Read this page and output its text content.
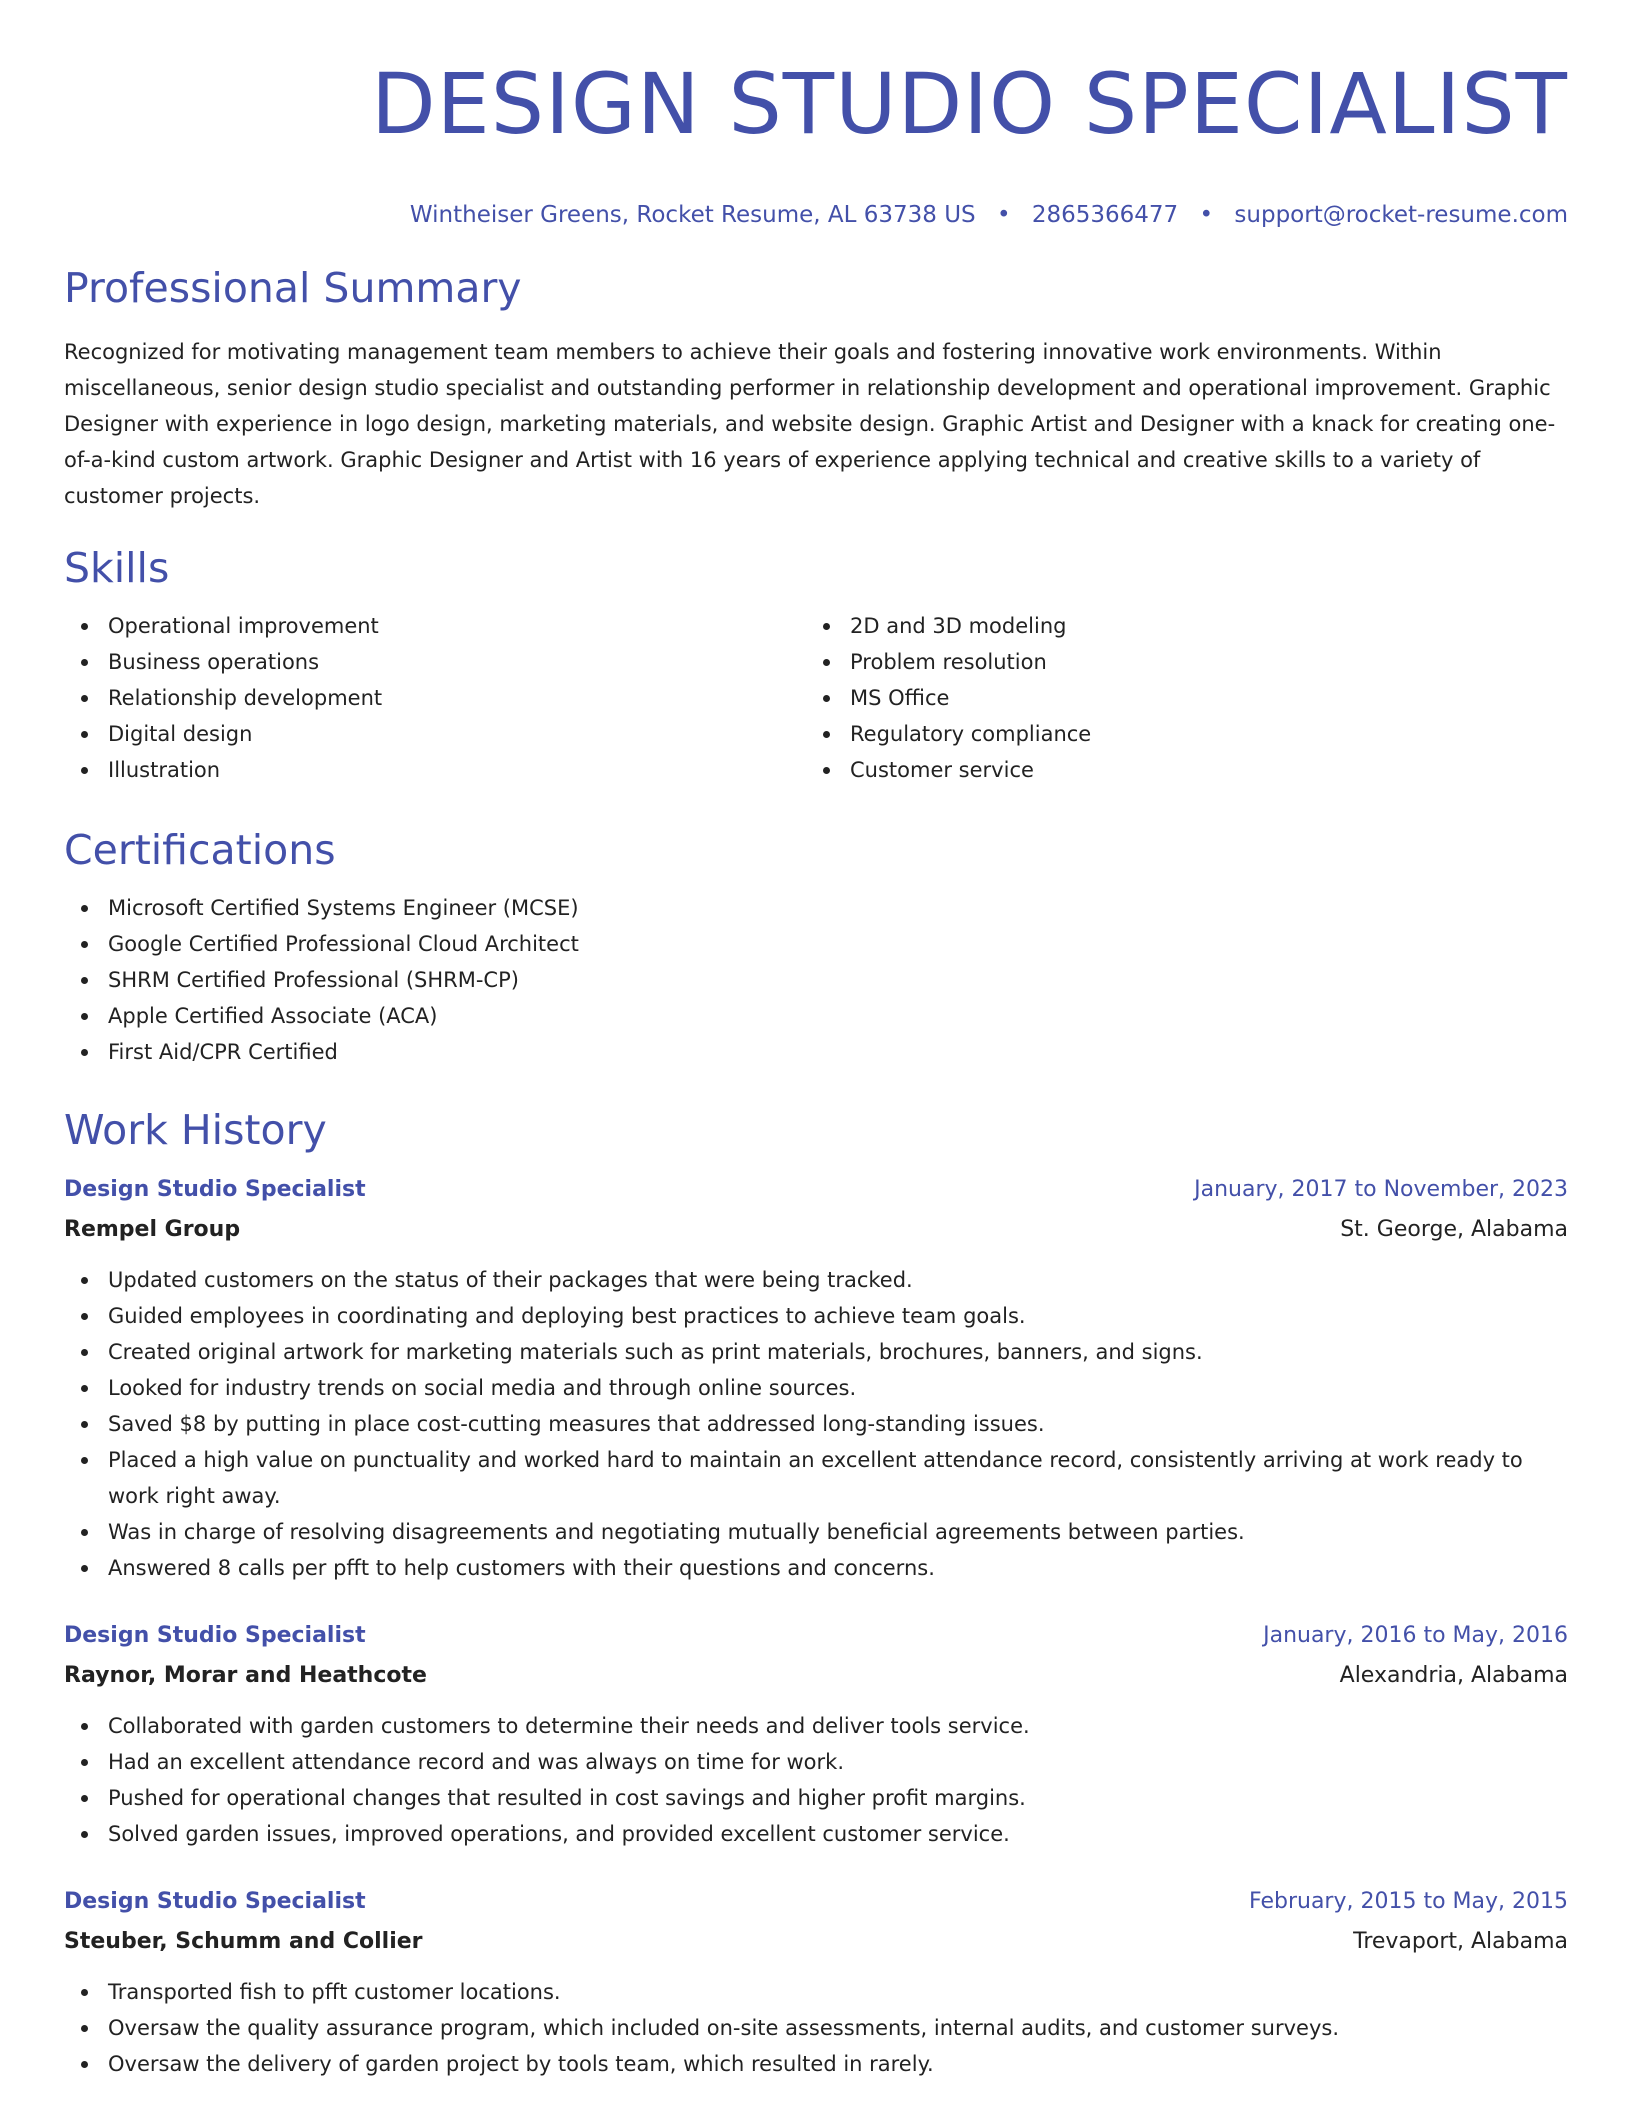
DESIGN STUDIO SPECIALIST
Wintheiser Greens, Rocket Resume, AL 63738 US • 2865366477 • support@rocket-resume.com
Professional Summary
Recognized for motivating management team members to achieve their goals and fostering innovative work environments. Within miscellaneous, senior design studio specialist and outstanding performer in relationship development and operational improvement. Graphic Designer with experience in logo design, marketing materials, and website design. Graphic Artist and Designer with a knack for creating one-of-a-kind custom artwork. Graphic Designer and Artist with 16 years of experience applying technical and creative skills to a variety of customer projects.
Skills
Operational improvement
Business operations
Relationship development
Digital design
Illustration
2D and 3D modeling
Problem resolution
MS Office
Regulatory compliance
Customer service
Certifications
Microsoft Certified Systems Engineer (MCSE)
Google Certified Professional Cloud Architect
SHRM Certified Professional (SHRM-CP)
Apple Certified Associate (ACA)
First Aid/CPR Certified
Work History
Design Studio Specialist	January, 2017 to November, 2023
Rempel Group	St. George, Alabama
Updated customers on the status of their packages that were being tracked.
Guided employees in coordinating and deploying best practices to achieve team goals.
Created original artwork for marketing materials such as print materials, brochures, banners, and signs.
Looked for industry trends on social media and through online sources.
Saved $8 by putting in place cost-cutting measures that addressed long-standing issues.
Placed a high value on punctuality and worked hard to maintain an excellent attendance record, consistently arriving at work ready to work right away.
Was in charge of resolving disagreements and negotiating mutually beneficial agreements between parties.
Answered 8 calls per pfft to help customers with their questions and concerns.
Design Studio Specialist	January, 2016 to May, 2016
Raynor, Morar and Heathcote	Alexandria, Alabama
Collaborated with garden customers to determine their needs and deliver tools service.
Had an excellent attendance record and was always on time for work.
Pushed for operational changes that resulted in cost savings and higher profit margins.
Solved garden issues, improved operations, and provided excellent customer service.
Design Studio Specialist	February, 2015 to May, 2015
Steuber, Schumm and Collier	Trevaport, Alabama
Transported fish to pfft customer locations.
Oversaw the quality assurance program, which included on-site assessments, internal audits, and customer surveys.
Oversaw the delivery of garden project by tools team, which resulted in rarely.
